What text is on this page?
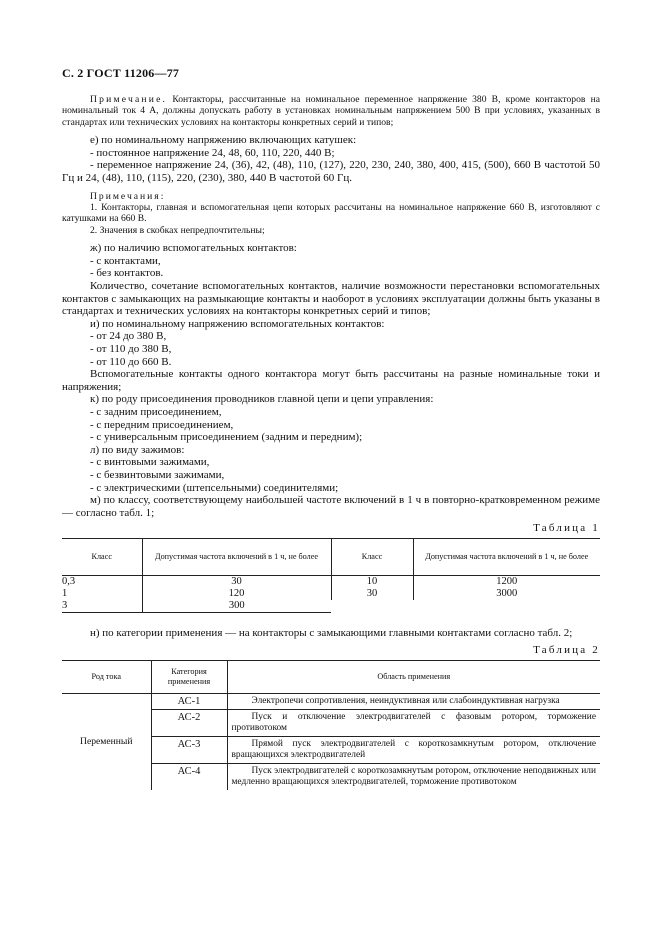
С. 2 ГОСТ 11206—77

Примечание. Контакторы, рассчитанные на номинальное переменное напряжение 380 В, кроме контакторов на номинальный ток 4 А, должны допускать работу в установках номинальным напряжением 500 В при условиях, указанных в стандартах или технических условиях на контакторы конкретных серий и типов;

е) по номинальному напряжению включающих катушек:

- постоянное напряжение 24, 48, 60, 110, 220, 440 В;

- переменное напряжение 24, (36), 42, (48), 110, (127), 220, 230, 240, 380, 400, 415, (500), 660 В частотой 50 Гц и 24, (48), 110, (115), 220, (230), 380, 440 В частотой 60 Гц.

Примечания:

1. Контакторы, главная и вспомогательная цепи которых рассчитаны на номинальное напряжение 660 В, изготовляют с катушками на 660 В.

2. Значения в скобках непредпочтительны;

ж) по наличию вспомогательных контактов:

- с контактами,

- без контактов.

Количество, сочетание вспомогательных контактов, наличие возможности перестановки вспомогательных контактов с замыкающих на размыкающие контакты и наоборот в условиях эксплуатации должны быть указаны в стандартах и технических условиях на контакторы конкретных серий и типов;

и) по номинальному напряжению вспомогательных контактов:

- от 24 до 380 В,

- от 110 до 380 В,

- от 110 до 660 В.

Вспомогательные контакты одного контактора могут быть рассчитаны на разные номинальные токи и напряжения;

к) по роду присоединения проводников главной цепи и цепи управления:

- с задним присоединением,

- с передним присоединением,

- с универсальным присоединением (задним и передним);

л) по виду зажимов:

- с винтовыми зажимами,

- с безвинтовыми зажимами,

- с электрическими (штепсельными) соединителями;

м) по классу, соответствующему наибольшей частоте включений в 1 ч в повторно-кратковременном режиме — согласно табл. 1;

Таблица 1

Класс	Допустимая частота включений в 1 ч, не более	Класс	Допустимая частота включений в 1 ч, не более
0,3	30	10	1200
1	120	30	3000
3	300		

н) по категории применения — на контакторы с замыкающими главными контактами согласно табл. 2;

Таблица 2

Род тока	Категория применения	Область применения
Переменный	АС-1	Электропечи сопротивления, неиндуктивная или слабоиндуктивная нагрузка
	АС-2	Пуск и отключение электродвигателей с фазовым ротором, торможение противотоком
	АС-3	Прямой пуск электродвигателей с короткозамкнутым ротором, отключение вращающихся электродвигателей
	АС-4	Пуск электродвигателей с короткозамкнутым ротором, отключение неподвижных или медленно вращающихся электродвигателей, торможение противотоком
